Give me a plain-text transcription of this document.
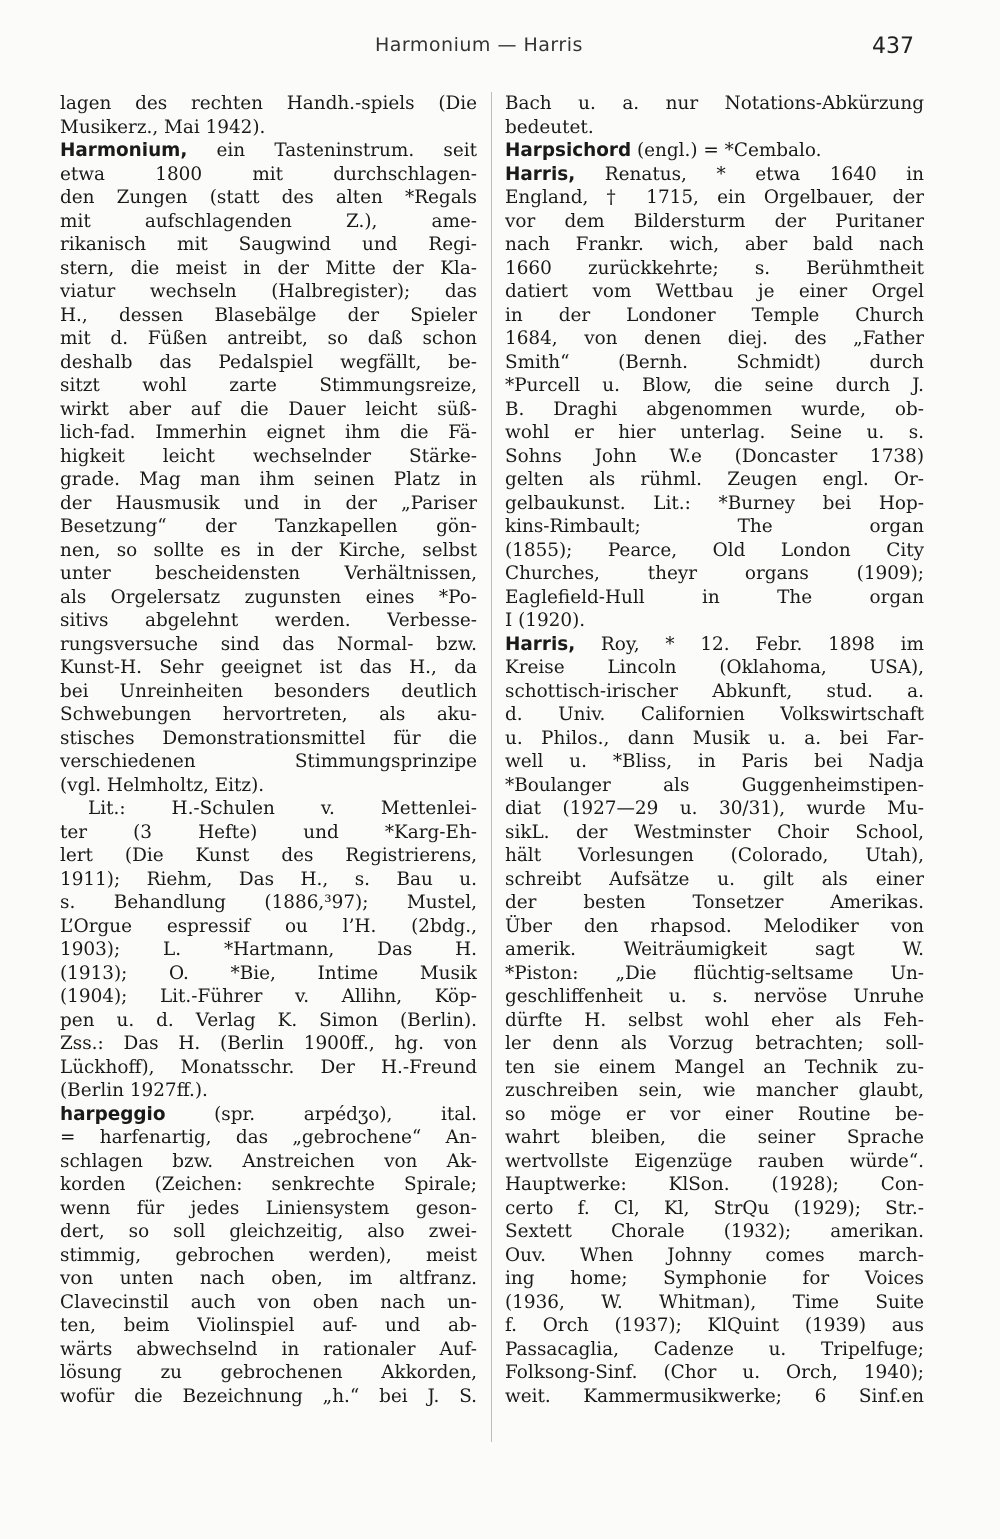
Harmonium — Harris	437
lagen des rechten Handh.-spiels (Die
Musikerz., Mai 1942).
Harmonium, ein Tasteninstrum. seit
etwa 1800 mit durchschlagen-
den Zungen (statt des alten *Regals
mit aufschlagenden Z.), ame-
rikanisch mit Saugwind und Regi-
stern, die meist in der Mitte der Kla-
viatur wechseln (Halbregister); das
H., dessen Blasebälge der Spieler
mit d. Füßen antreibt, so daß schon
deshalb das Pedalspiel wegfällt, be-
sitzt wohl zarte Stimmungsreize,
wirkt aber auf die Dauer leicht süß-
lich-fad. Immerhin eignet ihm die Fä-
higkeit leicht wechselnder Stärke-
grade. Mag man ihm seinen Platz in
der Hausmusik und in der „Pariser
Besetzung“ der Tanzkapellen gön-
nen, so sollte es in der Kirche, selbst
unter bescheidensten Verhältnissen,
als Orgelersatz zugunsten eines *Po-
sitivs abgelehnt werden. Verbesse-
rungsversuche sind das Normal- bzw.
Kunst-H. Sehr geeignet ist das H., da
bei Unreinheiten besonders deutlich
Schwebungen hervortreten, als aku-
stisches Demonstrationsmittel für die
verschiedenen Stimmungsprinzipe
(vgl. Helmholtz, Eitz).
Lit.: H.-Schulen v. Mettenlei-
ter (3 Hefte) und *Karg-Eh-
lert (Die Kunst des Registrierens,
1911); Riehm, Das H., s. Bau u.
s. Behandlung (1886,³97); Mustel,
L’Orgue espressif ou l’H. (2bdg.,
1903); L. *Hartmann, Das H.
(1913); O. *Bie, Intime Musik
(1904); Lit.-Führer v. Allihn, Köp-
pen u. d. Verlag K. Simon (Berlin).
Zss.: Das H. (Berlin 1900ff., hg. von
Lückhoff), Monatsschr. Der H.-Freund
(Berlin 1927ff.).
harpeggio (spr. arpédʒo), ital.
= harfenartig, das „gebrochene“ An-
schlagen bzw. Anstreichen von Ak-
korden (Zeichen: senkrechte Spirale;
wenn für jedes Liniensystem geson-
dert, so soll gleichzeitig, also zwei-
stimmig, gebrochen werden), meist
von unten nach oben, im altfranz.
Clavecinstil auch von oben nach un-
ten, beim Violinspiel auf- und ab-
wärts abwechselnd in rationaler Auf-
lösung zu gebrochenen Akkorden,
wofür die Bezeichnung „h.“ bei J. S.
Bach u. a. nur Notations-Abkürzung
bedeutet.
Harpsichord (engl.) = *Cembalo.
Harris, Renatus, * etwa 1640 in
England, † 1715, ein Orgelbauer, der
vor dem Bildersturm der Puritaner
nach Frankr. wich, aber bald nach
1660 zurückkehrte; s. Berühmtheit
datiert vom Wettbau je einer Orgel
in der Londoner Temple Church
1684, von denen diej. des „Father
Smith“ (Bernh. Schmidt) durch
*Purcell u. Blow, die seine durch J.
B. Draghi abgenommen wurde, ob-
wohl er hier unterlag. Seine u. s.
Sohns John W.e (Doncaster 1738)
gelten als rühml. Zeugen engl. Or-
gelbaukunst. Lit.: *Burney bei Hop-
kins-Rimbault; The organ
(1855); Pearce, Old London City
Churches, theyr organs (1909);
Eaglefield-Hull in The organ
I (1920).
Harris, Roy, * 12. Febr. 1898 im
Kreise Lincoln (Oklahoma, USA),
schottisch-irischer Abkunft, stud. a.
d. Univ. Californien Volkswirtschaft
u. Philos., dann Musik u. a. bei Far-
well u. *Bliss, in Paris bei Nadja
*Boulanger als Guggenheimstipen-
diat (1927—29 u. 30/31), wurde Mu-
sikL. der Westminster Choir School,
hält Vorlesungen (Colorado, Utah),
schreibt Aufsätze u. gilt als einer
der besten Tonsetzer Amerikas.
Über den rhapsod. Melodiker von
amerik. Weiträumigkeit sagt W.
*Piston: „Die flüchtig-seltsame Un-
geschliffenheit u. s. nervöse Unruhe
dürfte H. selbst wohl eher als Feh-
ler denn als Vorzug betrachten; soll-
ten sie einem Mangel an Technik zu-
zuschreiben sein, wie mancher glaubt,
so möge er vor einer Routine be-
wahrt bleiben, die seiner Sprache
wertvollste Eigenzüge rauben würde“.
Hauptwerke: KlSon. (1928); Con-
certo f. Cl, Kl, StrQu (1929); Str.-
Sextett Chorale (1932); amerikan.
Ouv. When Johnny comes march-
ing home; Symphonie for Voices
(1936, W. Whitman), Time Suite
f. Orch (1937); KlQuint (1939) aus
Passacaglia, Cadenze u. Tripelfuge;
Folksong-Sinf. (Chor u. Orch, 1940);
weit. Kammermusikwerke; 6 Sinf.en
